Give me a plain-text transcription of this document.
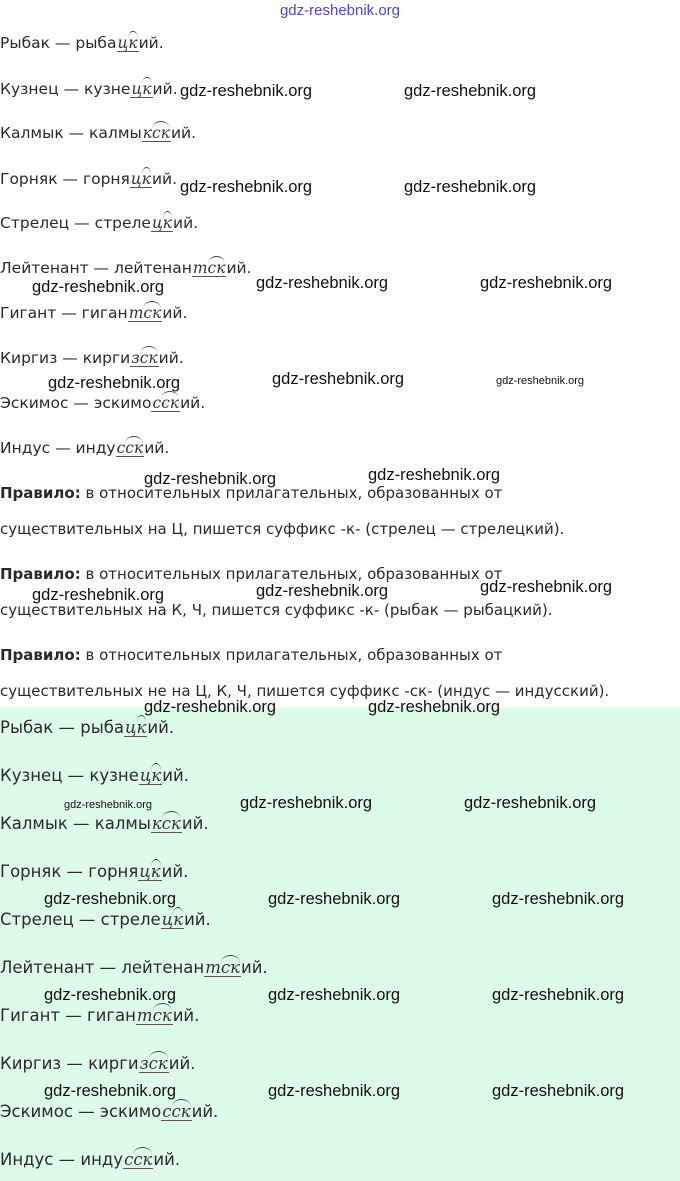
gdz-reshebnik.org
Рыбак — рыбацкий.
Кузнец — кузнецкий.
Калмык — калмыкский.
Горняк — горняцкий.
Стрелец — стрелецкий.
Лейтенант — лейтенантский.
Гигант — гигантский.
Киргиз — киргизский.
Эскимос — эскимосский.
Индус — индусский.
Правило: в относительных прилагательных, образованных от
существительных на Ц, пишется суффикс -к- (стрелец — стрелецкий).
Правило: в относительных прилагательных, образованных от
существительных на К, Ч, пишется суффикс -к- (рыбак — рыбацкий).
Правило: в относительных прилагательных, образованных от
существительных не на Ц, К, Ч, пишется суффикс -ск- (индус — индусский).
Рыбак — рыбацкий.
Кузнец — кузнецкий.
Калмык — калмыкский.
Горняк — горняцкий.
Стрелец — стрелецкий.
Лейтенант — лейтенантский.
Гигант — гигантский.
Киргиз — киргизский.
Эскимос — эскимосский.
Индус — индусский.
gdz-reshebnik.org	gdz-reshebnik.org
gdz-reshebnik.org	gdz-reshebnik.org
gdz-reshebnik.org	gdz-reshebnik.org	gdz-reshebnik.org
gdz-reshebnik.org	gdz-reshebnik.org	gdz-reshebnik.org
gdz-reshebnik.org	gdz-reshebnik.org
gdz-reshebnik.org	gdz-reshebnik.org	gdz-reshebnik.org
gdz-reshebnik.org	gdz-reshebnik.org
gdz-reshebnik.org	gdz-reshebnik.org	gdz-reshebnik.org
gdz-reshebnik.org	gdz-reshebnik.org	gdz-reshebnik.org
gdz-reshebnik.org	gdz-reshebnik.org	gdz-reshebnik.org
gdz-reshebnik.org	gdz-reshebnik.org	gdz-reshebnik.org
